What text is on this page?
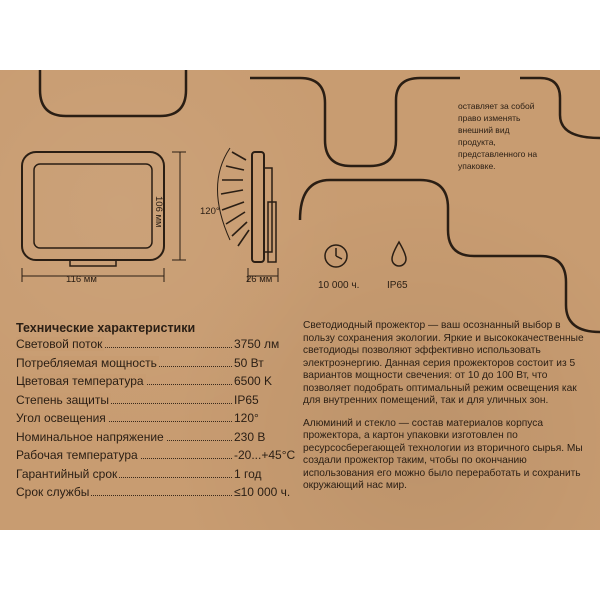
оставляет за собой право изменять внешний вид продукта, представленного на упаковке.
116 мм
106 мм
26 мм
120°
10 000 ч.	IP65
Технические характеристики
Световой поток	3750 лм
Потребляемая мощность	50 Вт
Цветовая температура	6500 K
Степень защиты	IP65
Угол освещения	120°
Номинальное напряжение	230 В
Рабочая температура	-20...+45°C
Гарантийный срок	1 год
Срок службы	≤10 000 ч.

Светодиодный прожектор — ваш осознанный выбор в пользу сохранения экологии. Яркие и высококачественные светодиоды позволяют эффективно использовать электроэнергию. Данная серия прожекторов состоит из 5 вариантов мощности свечения: от 10 до 100 Вт, что позволяет подобрать оптимальный режим освещения как для внутренних помещений, так и для уличных зон.

Алюминий и стекло — состав материалов корпуса прожектора, а картон упаковки изготовлен по ресурсосберегающей технологии из вторичного сырья. Мы создали прожектор таким, чтобы по окончанию использования его можно было переработать и сохранить окружающий нас мир.
